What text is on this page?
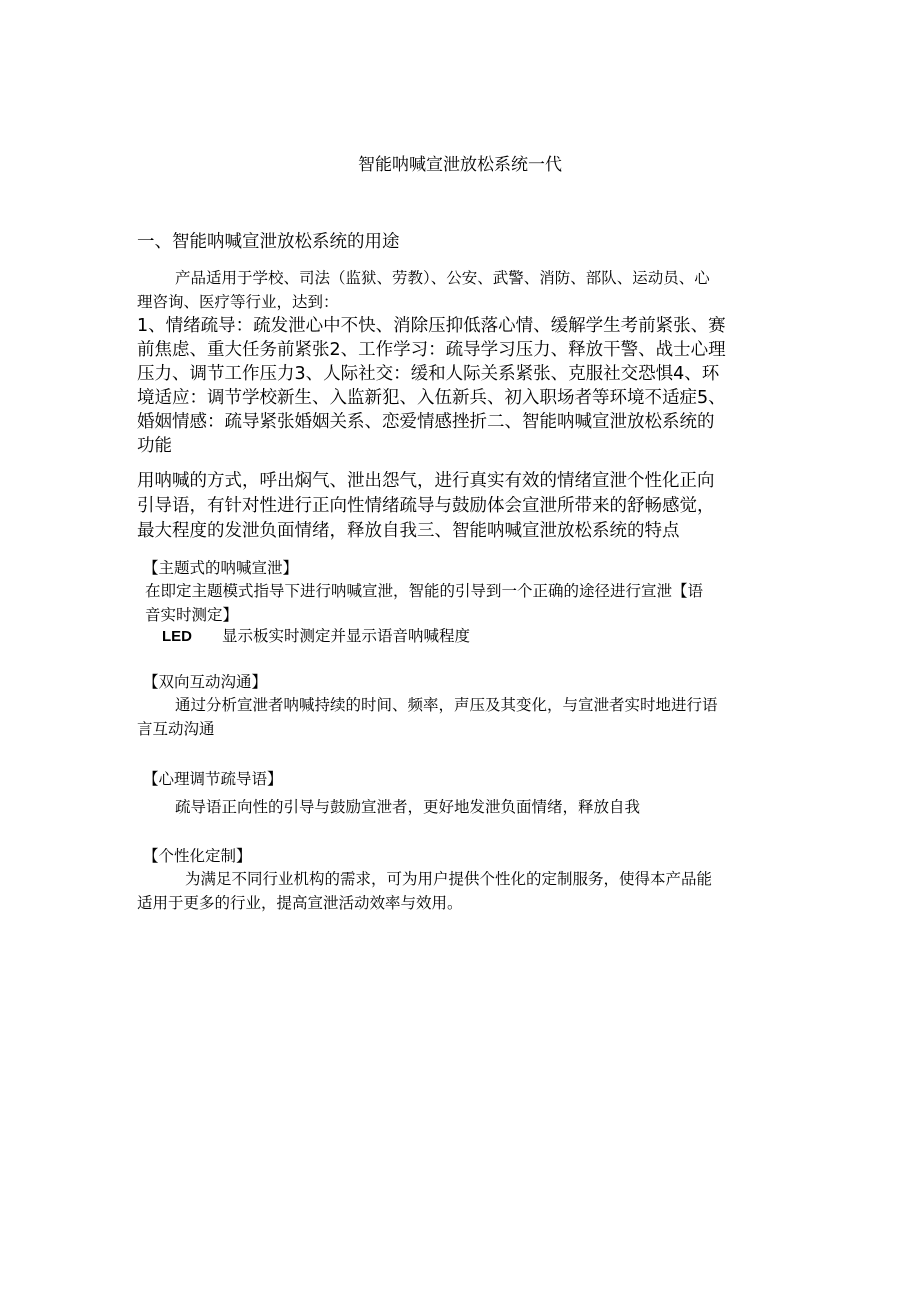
智能呐喊宣泄放松系统一代
一、智能呐喊宣泄放松系统的用途
产品适用于学校、司法（监狱、劳教）、公安、武警、消防、部队、运动员、心
理咨询、医疗等行业，达到：
1、情绪疏导：疏发泄心中不快、消除压抑低落心情、缓解学生考前紧张、赛
前焦虑、重大任务前紧张2、工作学习：疏导学习压力、释放干警、战士心理
压力、调节工作压力3、人际社交：缓和人际关系紧张、克服社交恐惧4、环
境适应：调节学校新生、入监新犯、入伍新兵、初入职场者等环境不适症5、
婚姻情感：疏导紧张婚姻关系、恋爱情感挫折二、智能呐喊宣泄放松系统的
功能
用呐喊的方式，呼出焖气、泄出怨气，进行真实有效的情绪宣泄个性化正向
引导语，有针对性进行正向性情绪疏导与鼓励体会宣泄所带来的舒畅感觉，
最大程度的发泄负面情绪，释放自我三、智能呐喊宣泄放松系统的特点
【主题式的呐喊宣泄】
在即定主题模式指导下进行呐喊宣泄，智能的引导到一个正确的途径进行宣泄【语
音实时测定】
LED 显示板实时测定并显示语音呐喊程度
【双向互动沟通】
通过分析宣泄者呐喊持续的时间、频率，声压及其变化，与宣泄者实时地进行语
言互动沟通
【心理调节疏导语】
疏导语正向性的引导与鼓励宣泄者，更好地发泄负面情绪，释放自我
【个性化定制】
为满足不同行业机构的需求，可为用户提供个性化的定制服务，使得本产品能
适用于更多的行业，提高宣泄活动效率与效用。
